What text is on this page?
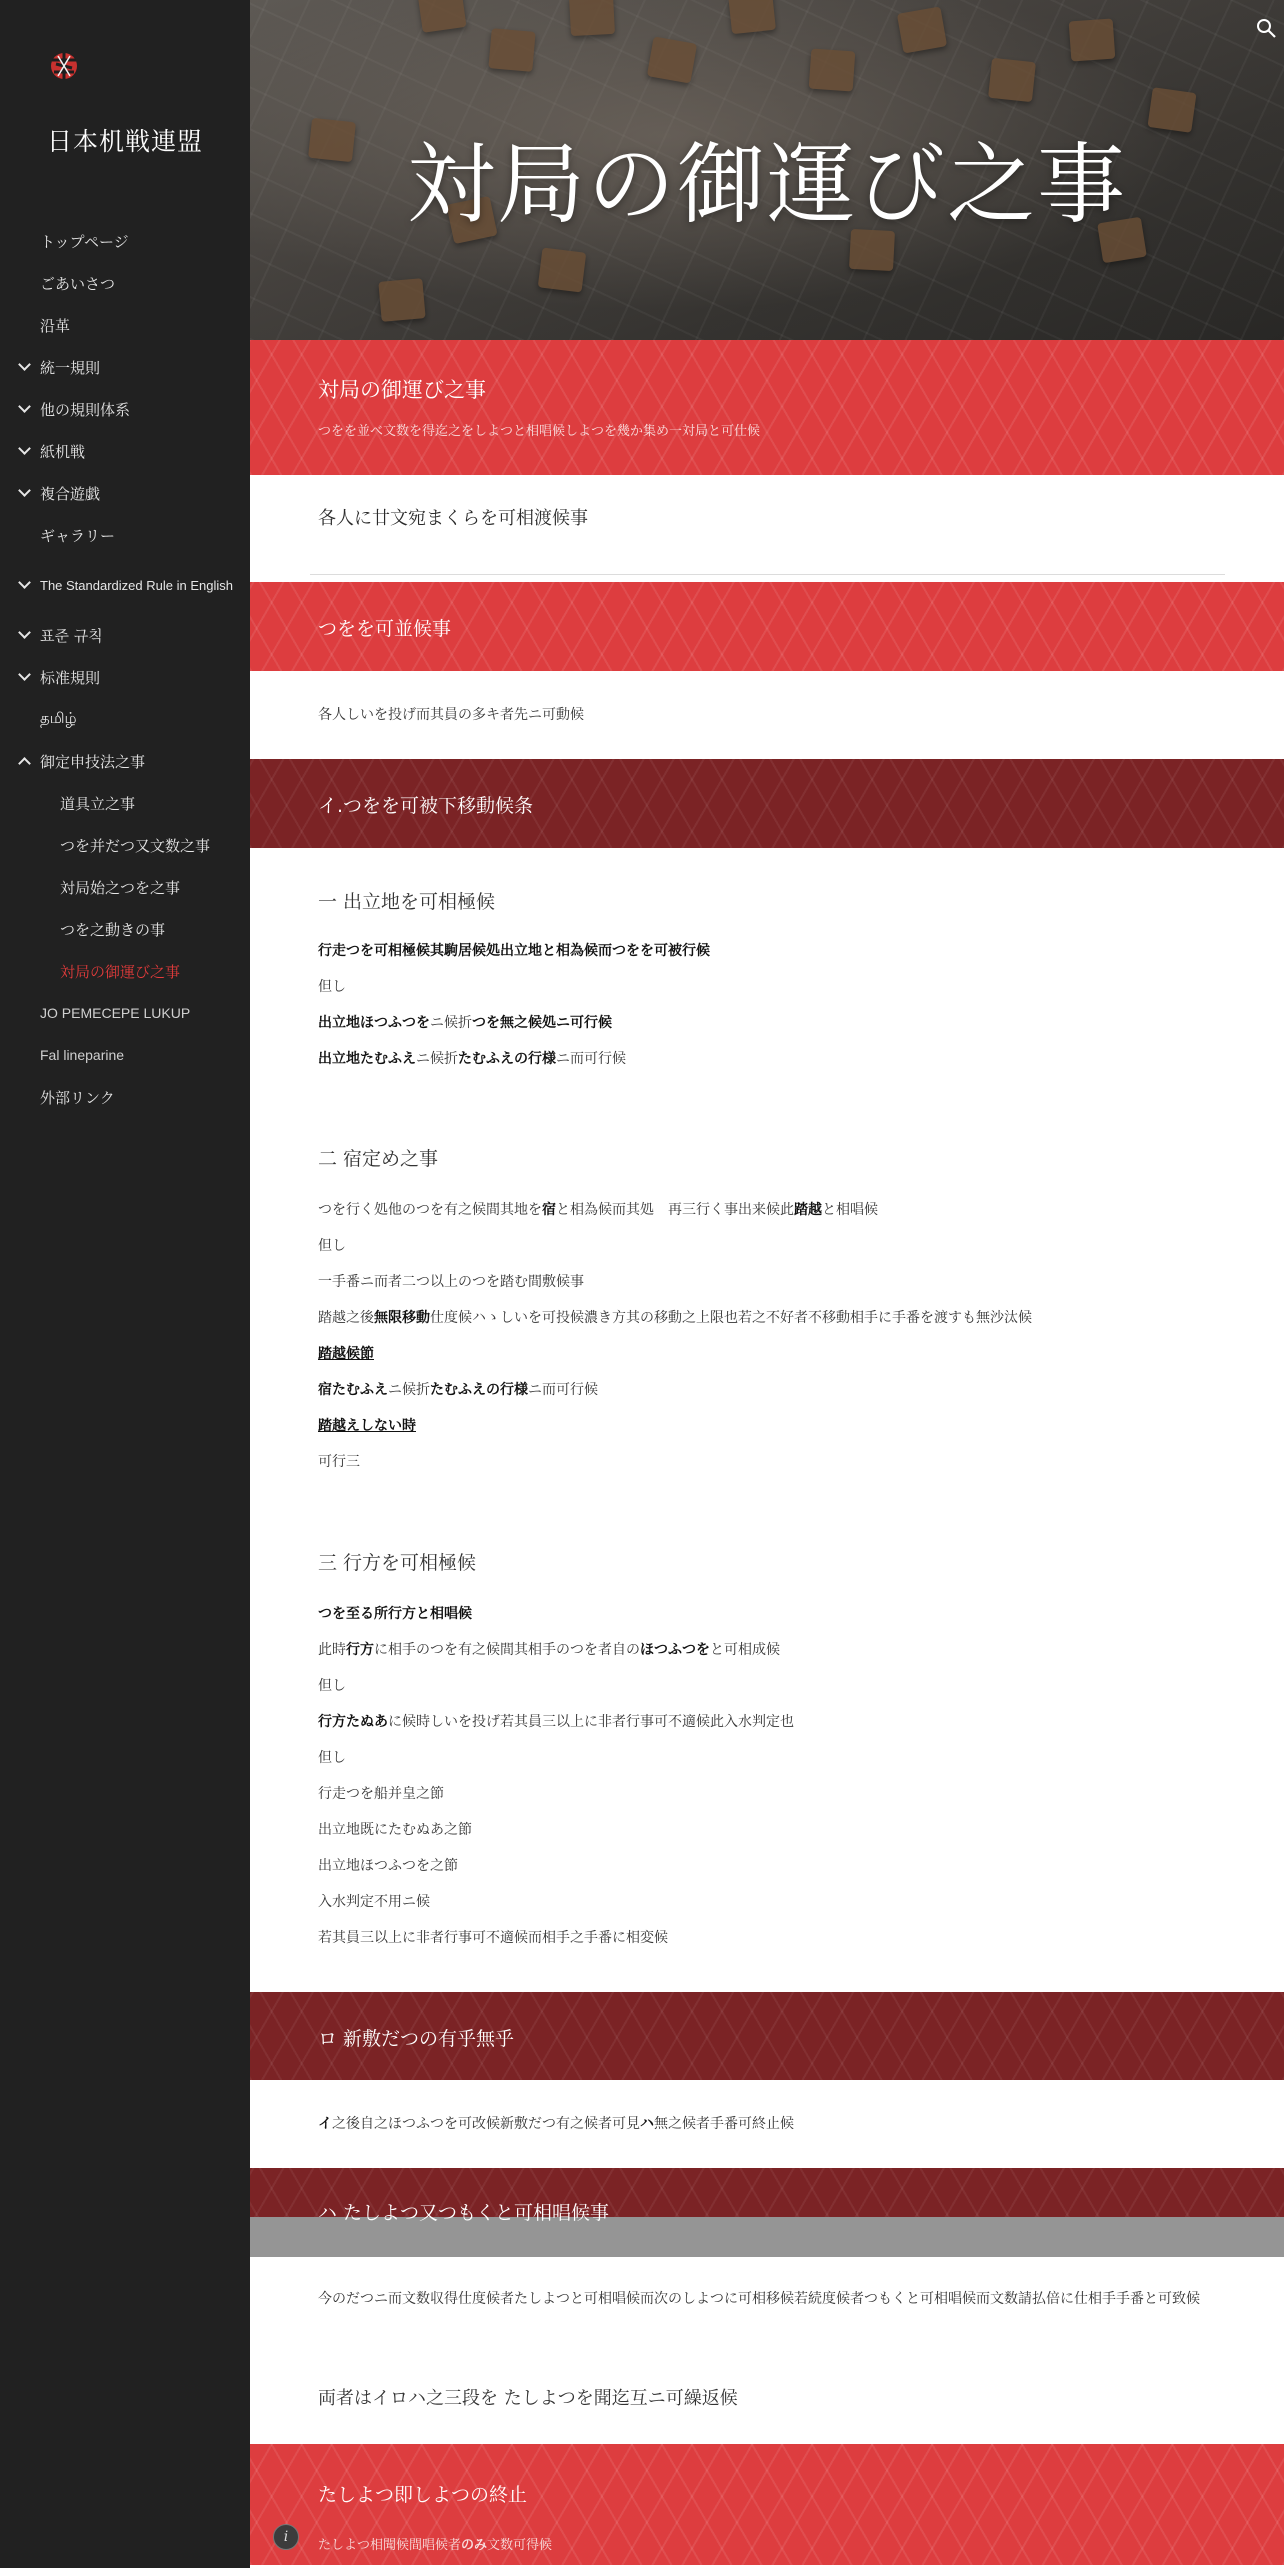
日本机戦連盟
トップページ
ごあいさつ
沿革
統一規則
他の規則体系
紙机戦
複合遊戯
ギャラリー
The Standardized Rule in English
표준 규칙
标准規則
தமிழ்
御定申技法之事
道具立之事
つを并だつ又文数之事
対局始之つを之事
つを之動きの事
対局の御運び之事
JO PEMECEPE LUKUP
Fal lineparine
外部リンク
対局の御運び之事
対局の御運び之事

つをを並べ文数を得迄之をしよつと相唱候しよつを幾か集め一対局と可仕候

各人に廿文宛まくらを可相渡候事
つをを可並候事
各人しいを投げ而其員の多キ者先ニ可動候
イ.つをを可被下移動候条
一 出立地を可相極候
行走つを可相極候其駒居候処出立地と相為候而つをを可被行候
但し
出立地ほつふつをニ候折つを無之候処ニ可行候
出立地たむふえニ候折たむふえの行様ニ而可行候
二 宿定め之事
つを行く処他のつを有之候間其地を宿と相為候而其処　再三行く事出来候此踏越と相唱候
但し
一手番ニ而者二つ以上のつを踏む間敷候事
踏越之後無限移動仕度候ハゝしいを可投候濃き方其の移動之上限也若之不好者不移動相手に手番を渡すも無沙汰候
踏越候節
宿たむふえニ候折たむふえの行様ニ而可行候
踏越えしない時
可行三
三 行方を可相極候
つを至る所行方と相唱候
此時行方に相手のつを有之候間其相手のつを者自のほつふつをと可相成候
但し
行方たぬあに候時しいを投げ若其員三以上に非者行事可不適候此入水判定也
但し
行走つを船并皇之節
出立地既にたむぬあ之節
出立地ほつふつを之節
入水判定不用ニ候
若其員三以上に非者行事可不適候而相手之手番に相変候
ロ 新敷だつの有乎無乎
イ之後自之ほつふつを可改候新敷だつ有之候者可見ハ無之候者手番可終止候
ハ たしよつ又つもくと可相唱候事
今のだつニ而文数収得仕度候者たしよつと可相唱候而次のしよつに可相移候若続度候者つもくと可相唱候而文数請払倍に仕相手手番と可致候
両者はイロハ之三段を たしよつを聞迄互ニ可繰返候
たしよつ即しよつの終止

たしよつ相聞候間唱候者のみ文数可得候

i
